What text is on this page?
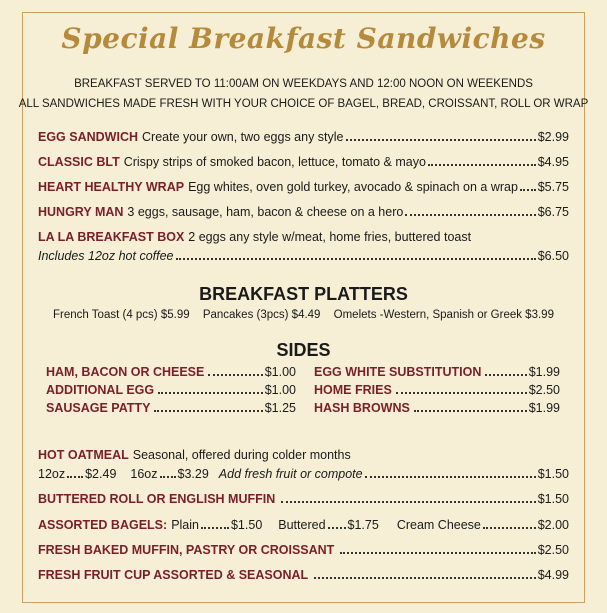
Special Breakfast Sandwiches
BREAKFAST SERVED TO 11:00AM ON WEEKDAYS AND 12:00 NOON ON WEEKENDS
ALL SANDWICHES MADE FRESH WITH YOUR CHOICE OF BAGEL, BREAD, CROISSANT, ROLL OR WRAP
EGG SANDWICH Create your own, two eggs any style	$2.99
CLASSIC BLT Crispy strips of smoked bacon, lettuce, tomato & mayo	$4.95
HEART HEALTHY WRAP Egg whites, oven gold turkey, avocado & spinach on a wrap $5.75
HUNGRY MAN 3 eggs, sausage, ham, bacon & cheese on a hero	$6.75
LA LA BREAKFAST BOX 2 eggs any style w/meat, home fries, buttered toast
Includes 12oz hot coffee	$6.50
BREAKFAST PLATTERS
French Toast (4 pcs) $5.99 Pancakes (3pcs) $4.49 Omelets -Western, Spanish or Greek $3.99
SIDES
HAM, BACON OR CHEESE	$1.00
ADDITIONAL EGG	$1.00
SAUSAGE PATTY	$1.25
EGG WHITE SUBSTITUTION	$1.99
HOME FRIES	$2.50
HASH BROWNS	$1.99
HOT OATMEAL Seasonal, offered during colder months
12oz $2.49 16oz $3.29 Add fresh fruit or compote	$1.50
BUTTERED ROLL OR ENGLISH MUFFIN	$1.50
ASSORTED BAGELS: Plain	$1.50 Buttered $1.75 Cream Cheese	$2.00
FRESH BAKED MUFFIN, PASTRY OR CROISSANT	$2.50
FRESH FRUIT CUP ASSORTED & SEASONAL	$4.99
